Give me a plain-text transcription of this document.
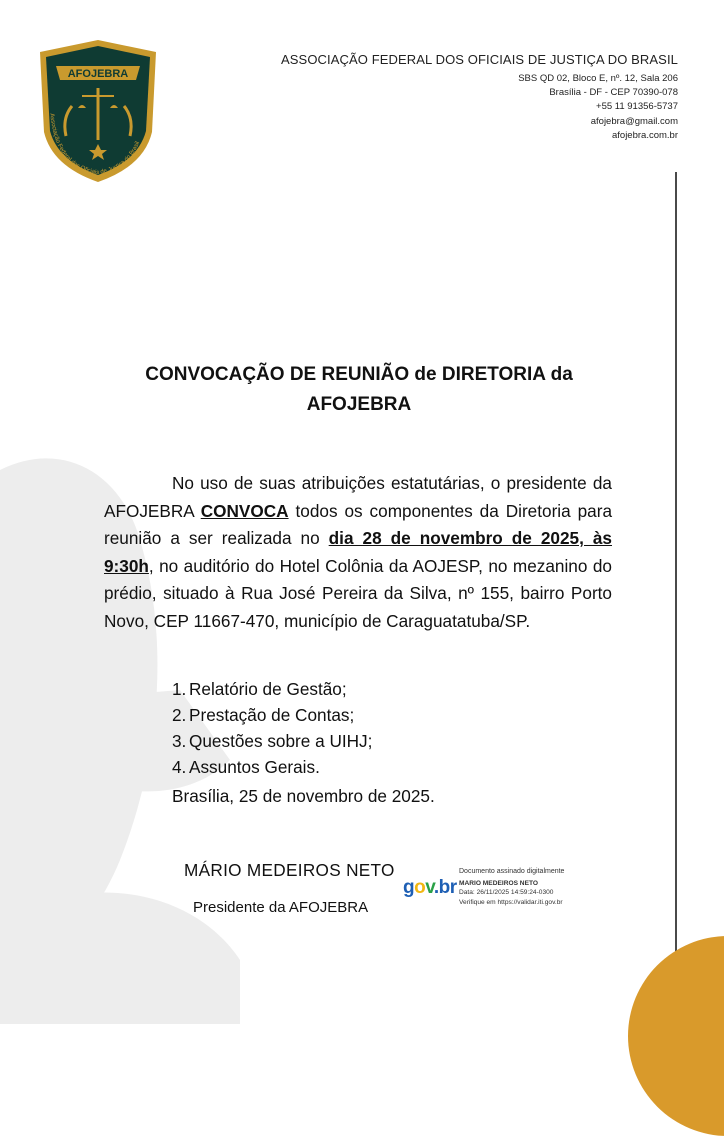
AFOJEBRA
Associação Federal dos Oficiais de Justiça do Brasil
ASSOCIAÇÃO FEDERAL DOS OFICIAIS DE JUSTIÇA DO BRASIL
SBS QD 02, Bloco E, nº. 12, Sala 206
Brasília - DF - CEP 70390-078
+55 11 91356-5737
afojebra@gmail.com
afojebra.com.br
CONVOCAÇÃO DE REUNIÃO de DIRETORIA da
AFOJEBRA

No uso de suas atribuições estatutárias, o presidente da AFOJEBRA CONVOCA todos os componentes da Diretoria para reunião a ser realizada no dia 28 de novembro de 2025, às 9:30h, no auditório do Hotel Colônia da AOJESP, no mezanino do prédio, situado à Rua José Pereira da Silva, nº 155, bairro Porto Novo, CEP 11667-470, município de Caraguatatuba/SP.

1. Relatório de Gestão;
2. Prestação de Contas;
3. Questões sobre a UIHJ;
4. Assuntos Gerais.
Brasília, 25 de novembro de 2025.
MÁRIO MEDEIROS NETO
Presidente da AFOJEBRA
gov.br
Documento assinado digitalmente
MARIO MEDEIROS NETO
Data: 26/11/2025 14:59:24-0300
Verifique em https://validar.iti.gov.br
